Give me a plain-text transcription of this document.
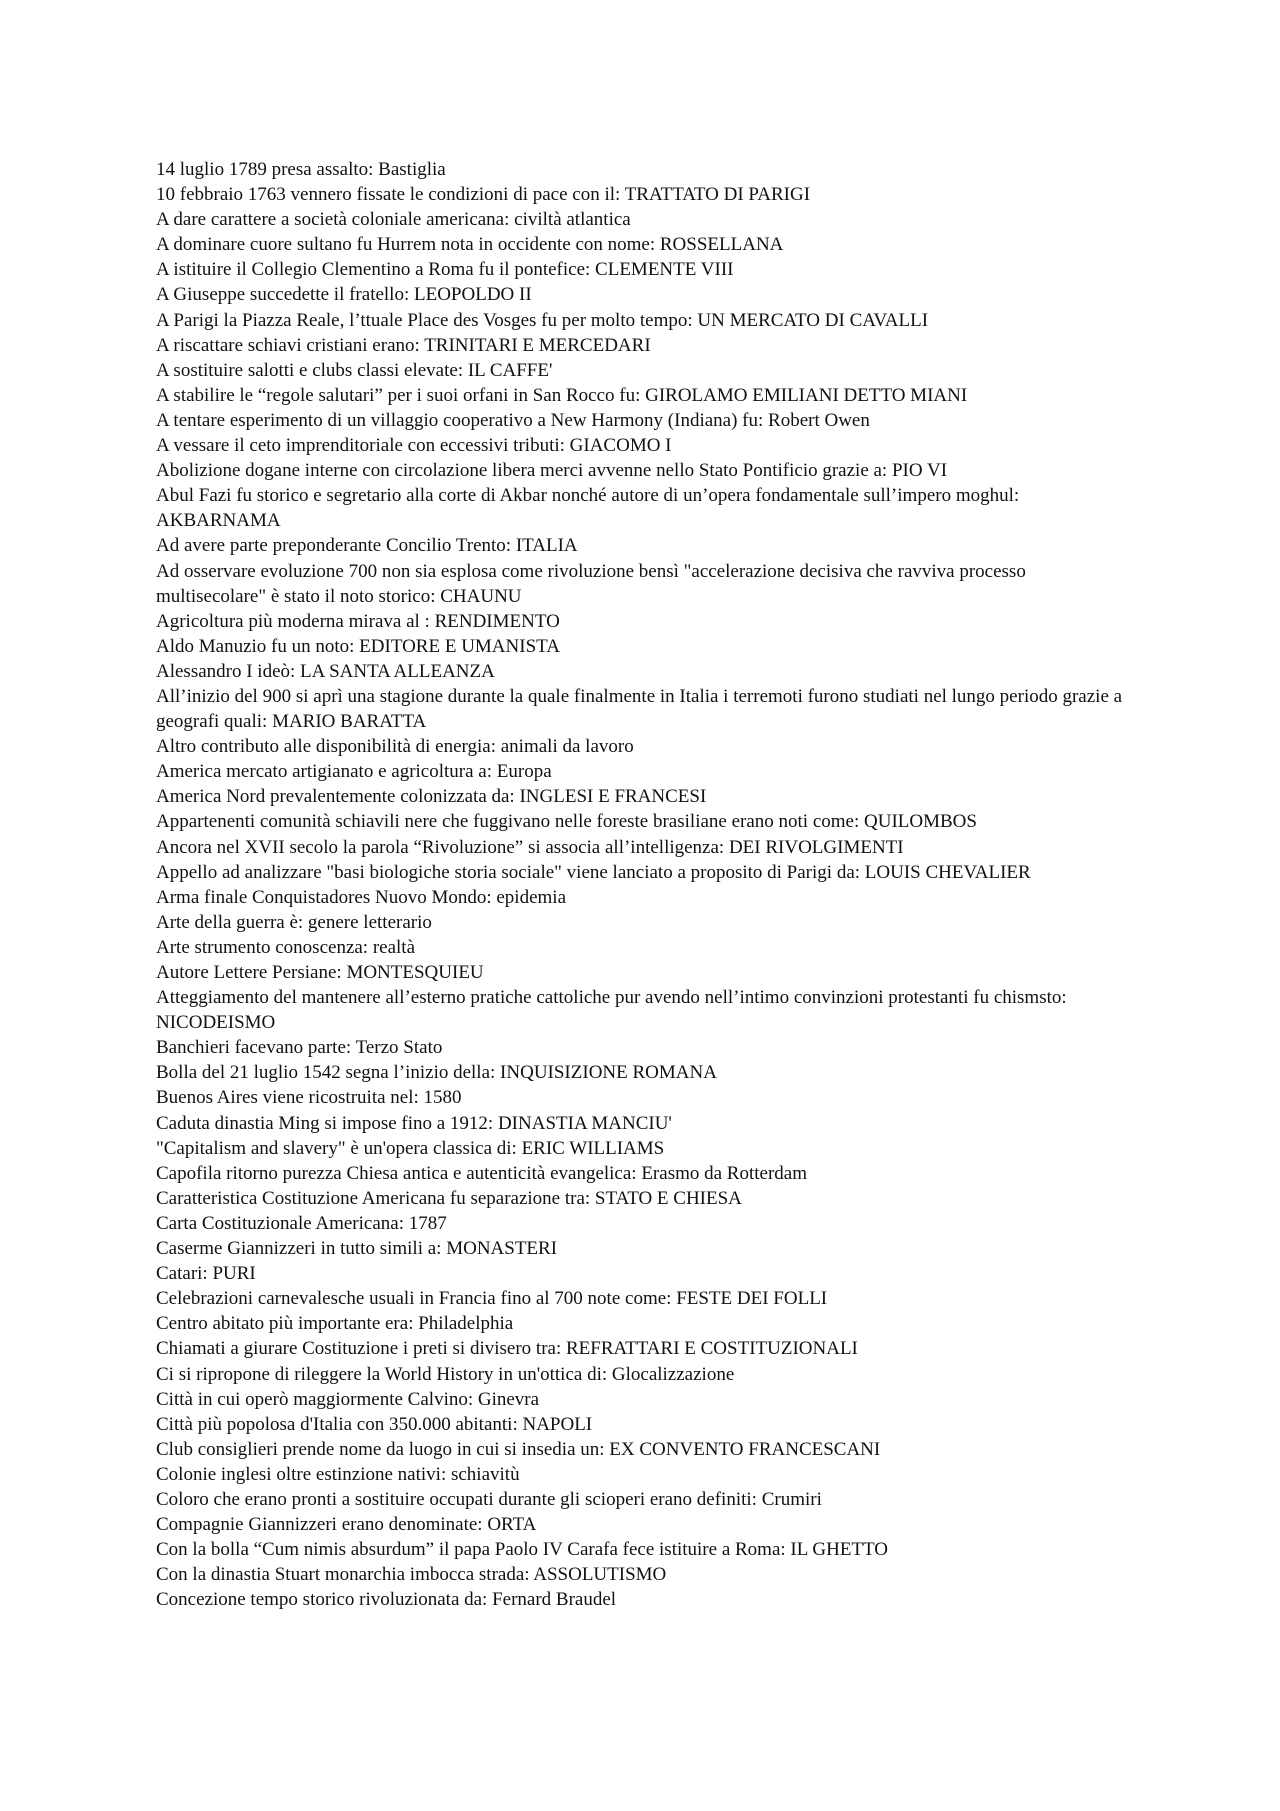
14 luglio 1789 presa assalto: Bastiglia

10 febbraio 1763 vennero fissate le condizioni di pace con il: TRATTATO DI PARIGI

A dare carattere a società coloniale americana: civiltà atlantica

A dominare cuore sultano fu Hurrem nota in occidente con nome: ROSSELLANA

A istituire il Collegio Clementino a Roma fu il pontefice: CLEMENTE VIII

A Giuseppe succedette il fratello: LEOPOLDO II

A Parigi la Piazza Reale, l’ttuale Place des Vosges fu per molto tempo: UN MERCATO DI CAVALLI

A riscattare schiavi cristiani erano: TRINITARI E MERCEDARI

A sostituire salotti e clubs classi elevate: IL CAFFE'

A stabilire le “regole salutari” per i suoi orfani in San Rocco fu: GIROLAMO EMILIANI DETTO MIANI

A tentare esperimento di un villaggio cooperativo a New Harmony (Indiana) fu: Robert Owen

A vessare il ceto imprenditoriale con eccessivi tributi: GIACOMO I

Abolizione dogane interne con circolazione libera merci avvenne nello Stato Pontificio grazie a: PIO VI

Abul Fazi fu storico e segretario alla corte di Akbar nonché autore di un’opera fondamentale sull’impero moghul: AKBARNAMA

Ad avere parte preponderante Concilio Trento: ITALIA

Ad osservare evoluzione 700 non sia esplosa come rivoluzione bensì "accelerazione decisiva che ravviva processo multisecolare" è stato il noto storico: CHAUNU

Agricoltura più moderna mirava al : RENDIMENTO

Aldo Manuzio fu un noto: EDITORE E UMANISTA

Alessandro I ideò: LA SANTA ALLEANZA

All’inizio del 900 si aprì una stagione durante la quale finalmente in Italia i terremoti furono studiati nel lungo periodo grazie a geografi quali: MARIO BARATTA

Altro contributo alle disponibilità di energia: animali da lavoro

America mercato artigianato e agricoltura a: Europa

America Nord prevalentemente colonizzata da: INGLESI E FRANCESI

Appartenenti comunità schiavili nere che fuggivano nelle foreste brasiliane erano noti come: QUILOMBOS

Ancora nel XVII secolo la parola “Rivoluzione” si associa all’intelligenza: DEI RIVOLGIMENTI

Appello ad analizzare "basi biologiche storia sociale" viene lanciato a proposito di Parigi da: LOUIS CHEVALIER

Arma finale Conquistadores Nuovo Mondo: epidemia

Arte della guerra è: genere letterario

Arte strumento conoscenza: realtà

Autore Lettere Persiane: MONTESQUIEU

Atteggiamento del mantenere all’esterno pratiche cattoliche pur avendo nell’intimo convinzioni protestanti fu chismsto: NICODEISMO

Banchieri facevano parte: Terzo Stato

Bolla del 21 luglio 1542 segna l’inizio della: INQUISIZIONE ROMANA

Buenos Aires viene ricostruita nel: 1580

Caduta dinastia Ming si impose fino a 1912: DINASTIA MANCIU'

"Capitalism and slavery" è un'opera classica di: ERIC WILLIAMS

Capofila ritorno purezza Chiesa antica e autenticità evangelica: Erasmo da Rotterdam

Caratteristica Costituzione Americana fu separazione tra: STATO E CHIESA

Carta Costituzionale Americana: 1787

Caserme Giannizzeri in tutto simili a: MONASTERI

Catari: PURI

Celebrazioni carnevalesche usuali in Francia fino al 700 note come: FESTE DEI FOLLI

Centro abitato più importante era: Philadelphia

Chiamati a giurare Costituzione i preti si divisero tra: REFRATTARI E COSTITUZIONALI

Ci si ripropone di rileggere la World History in un'ottica di: Glocalizzazione

Città in cui operò maggiormente Calvino: Ginevra

Città più popolosa d'Italia con 350.000 abitanti: NAPOLI

Club consiglieri prende nome da luogo in cui si insedia un: EX CONVENTO FRANCESCANI

Colonie inglesi oltre estinzione nativi: schiavitù

Coloro che erano pronti a sostituire occupati durante gli scioperi erano definiti: Crumiri

Compagnie Giannizzeri erano denominate: ORTA

Con la bolla “Cum nimis absurdum” il papa Paolo IV Carafa fece istituire a Roma: IL GHETTO

Con la dinastia Stuart monarchia imbocca strada: ASSOLUTISMO

Concezione tempo storico rivoluzionata da: Fernard Braudel
